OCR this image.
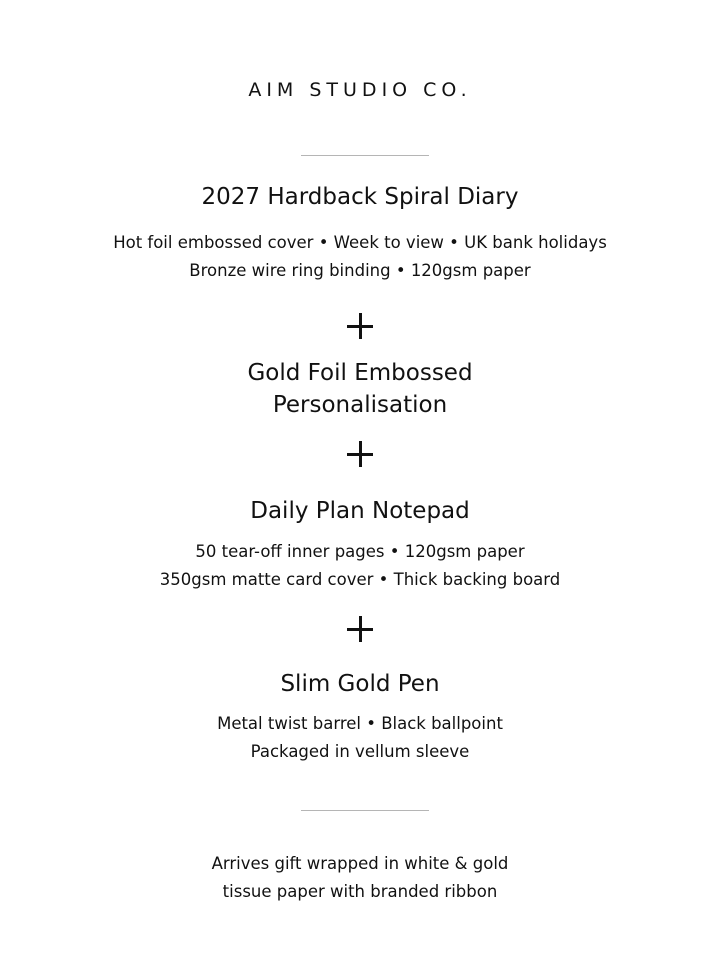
AIM STUDIO CO.
2027 Hardback Spiral Diary
Hot foil embossed cover • Week to view • UK bank holidays
Bronze wire ring binding • 120gsm paper
Gold Foil Embossed
Personalisation
Daily Plan Notepad
50 tear-off inner pages • 120gsm paper
350gsm matte card cover • Thick backing board
Slim Gold Pen
Metal twist barrel • Black ballpoint
Packaged in vellum sleeve
Arrives gift wrapped in white & gold
tissue paper with branded ribbon
